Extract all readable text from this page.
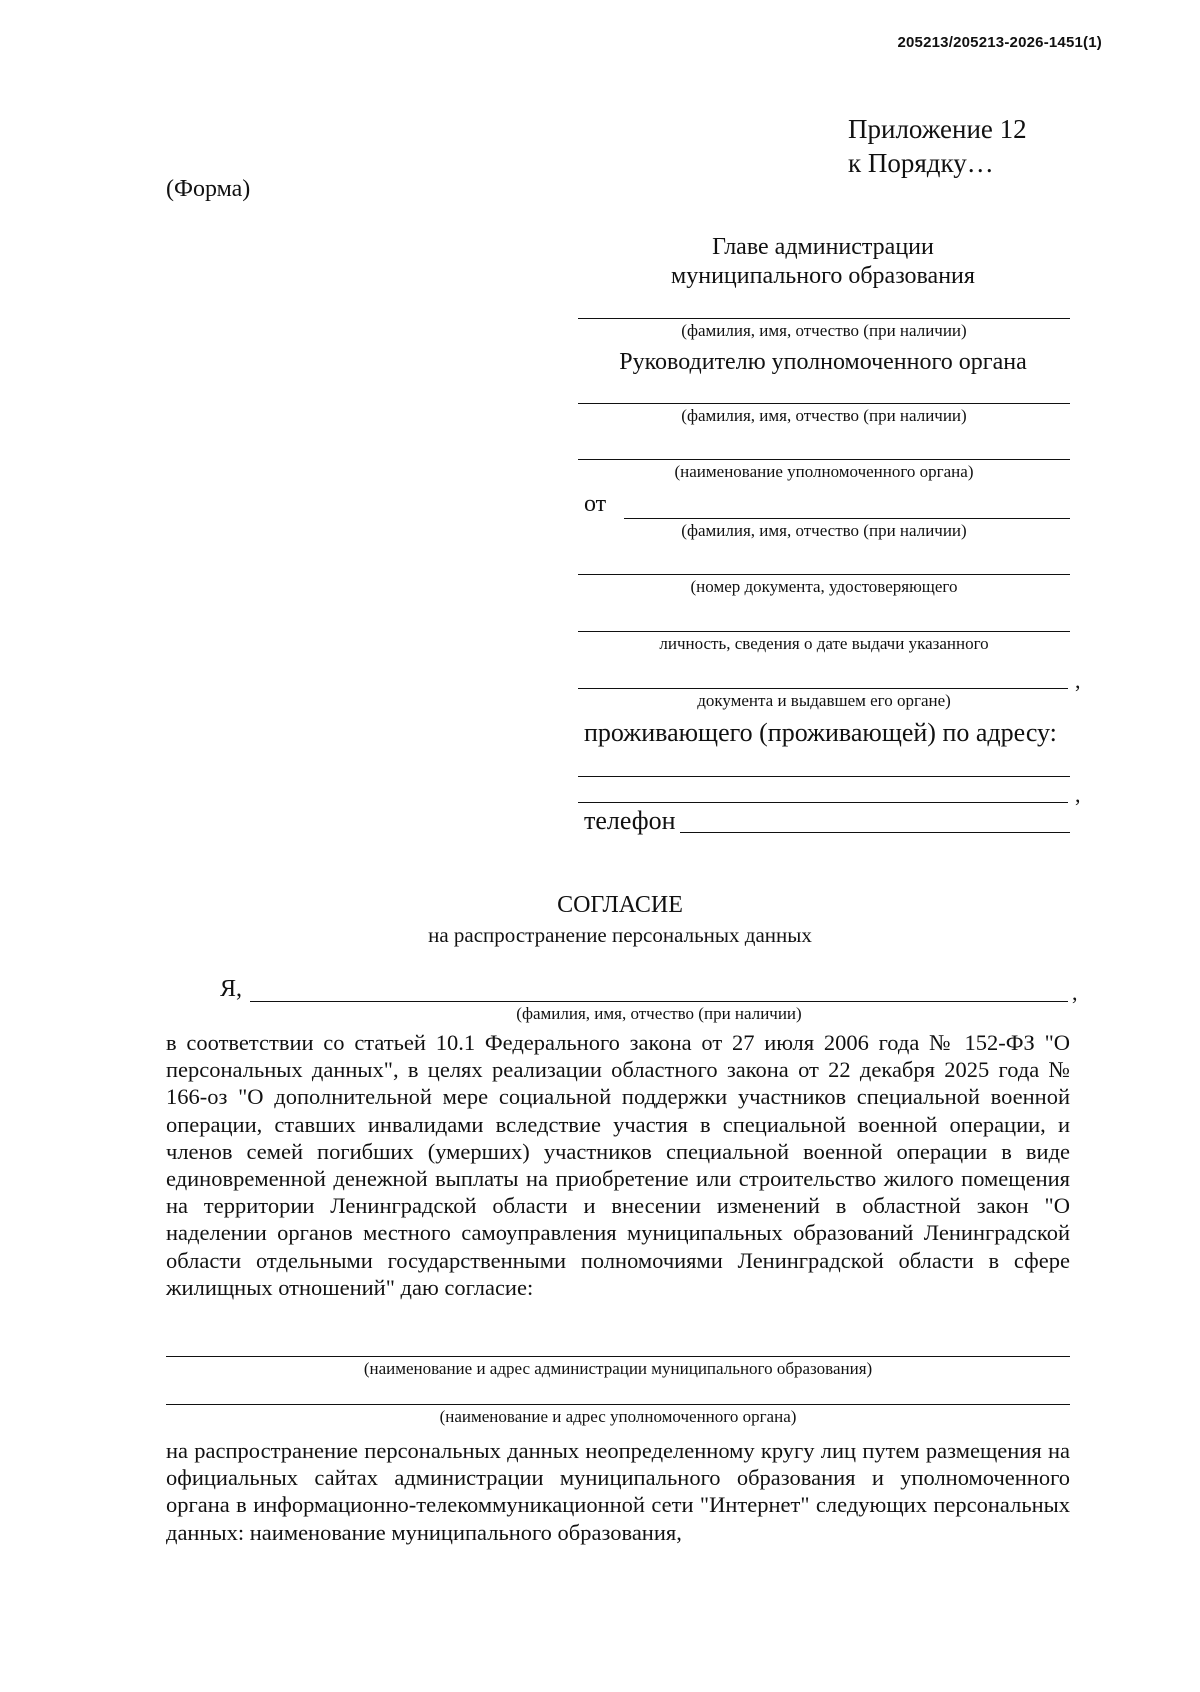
205213/205213-2026-1451(1)
Приложение 12
к Порядку…
(Форма)
Главе администрации
муниципального образования
(фамилия, имя, отчество (при наличии)
Руководителю уполномоченного органа
(фамилия, имя, отчество (при наличии)
(наименование уполномоченного органа)
от
(фамилия, имя, отчество (при наличии)
(номер документа, удостоверяющего
личность, сведения о дате выдачи указанного
,
документа и выдавшем его органе)
проживающего (проживающей) по адресу:
,
телефон
СОГЛАСИЕ
на распространение персональных данных
Я,	,
(фамилия, имя, отчество (при наличии)

в соответствии со статьей 10.1 Федерального закона от 27 июля 2006 года № 152-ФЗ "О персональных данных", в целях реализации областного закона от 22 декабря 2025 года № 166-оз "О дополнительной мере социальной поддержки участников специальной военной операции, ставших инвалидами вследствие участия в специальной военной операции, и членов семей погибших (умерших) участников специальной военной операции в виде единовременной денежной выплаты на приобретение или строительство жилого помещения на территории Ленинградской области и внесении изменений в областной закон "О наделении органов местного самоуправления муниципальных образований Ленинградской области отдельными государственными полномочиями Ленинградской области в сфере жилищных отношений" даю согласие:

(наименование и адрес администрации муниципального образования)
(наименование и адрес уполномоченного органа)

на распространение персональных данных неопределенному кругу лиц путем размещения на официальных сайтах администрации муниципального образования и уполномоченного органа в информационно-телекоммуникационной сети "Интернет" следующих персональных данных: наименование муниципального образования,
